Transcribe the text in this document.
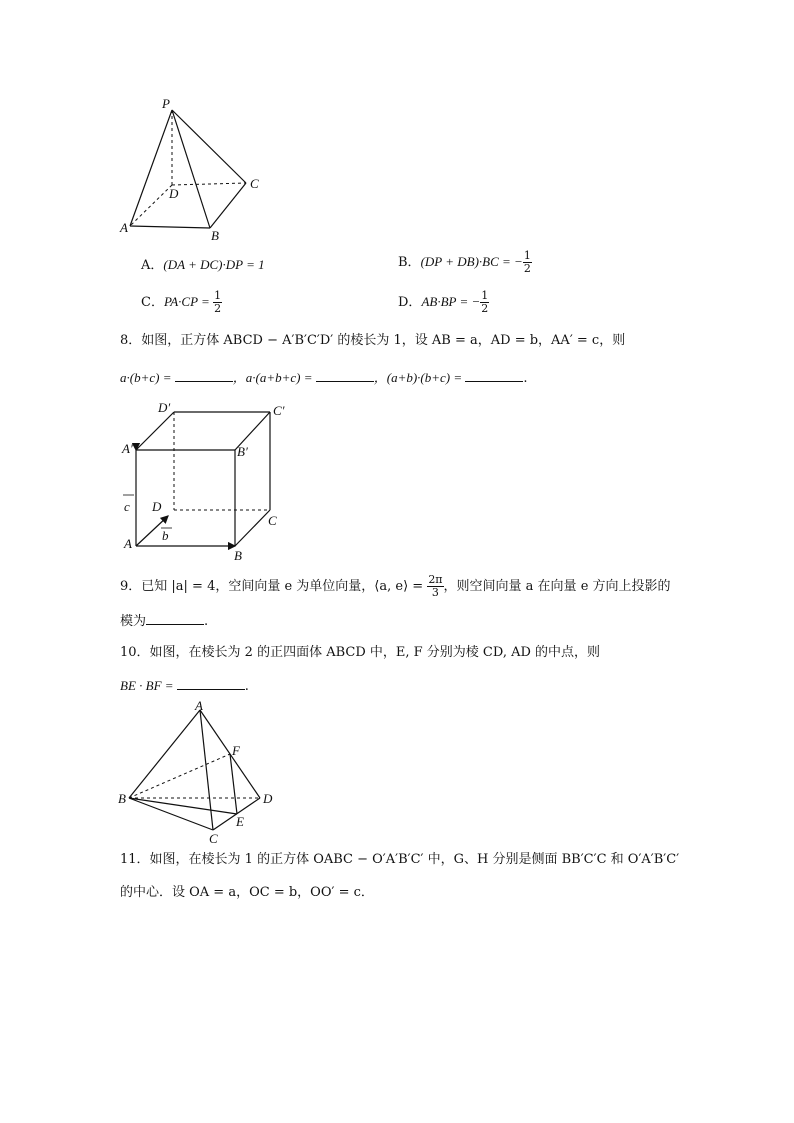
P
D
C
A
B
A．(DA + DC)·DP = 1	B．(DP + DB)·BC = − $\frac{1}{2}$
C．$PA\cdot CP = \frac{1}{2}$	D．AB·BP = − $\frac{1}{2}$
8．如图，正方体 ABCD − A′B′C′D′ 的棱长为 1，设 AB = a，AD = b，AA′ = c，则
a·(b+c) =	，a·(a+b+c) =	，(a+b)·(b+c) =	.
D′	C′
A′	B′
D
C
A
B
c
b
9．已知 |a| = 4，空间向量 e 为单位向量，⟨a, e⟩ = $\frac{2\pi}{3}$ ，则空间向量 a 在向量 e 方向上投影的
模为	.
10．如图，在棱长为 2 的正四面体 ABCD 中，E, F 分别为棱 CD, AD 的中点，则
BE · BF =	.
A
F
B	D
E
C
11．如图，在棱长为 1 的正方体 OABC − O′A′B′C′ 中，G、H 分别是侧面 BB′C′C 和 O′A′B′C′
的中心．设 OA = a，OC = b，OO′ = c．
